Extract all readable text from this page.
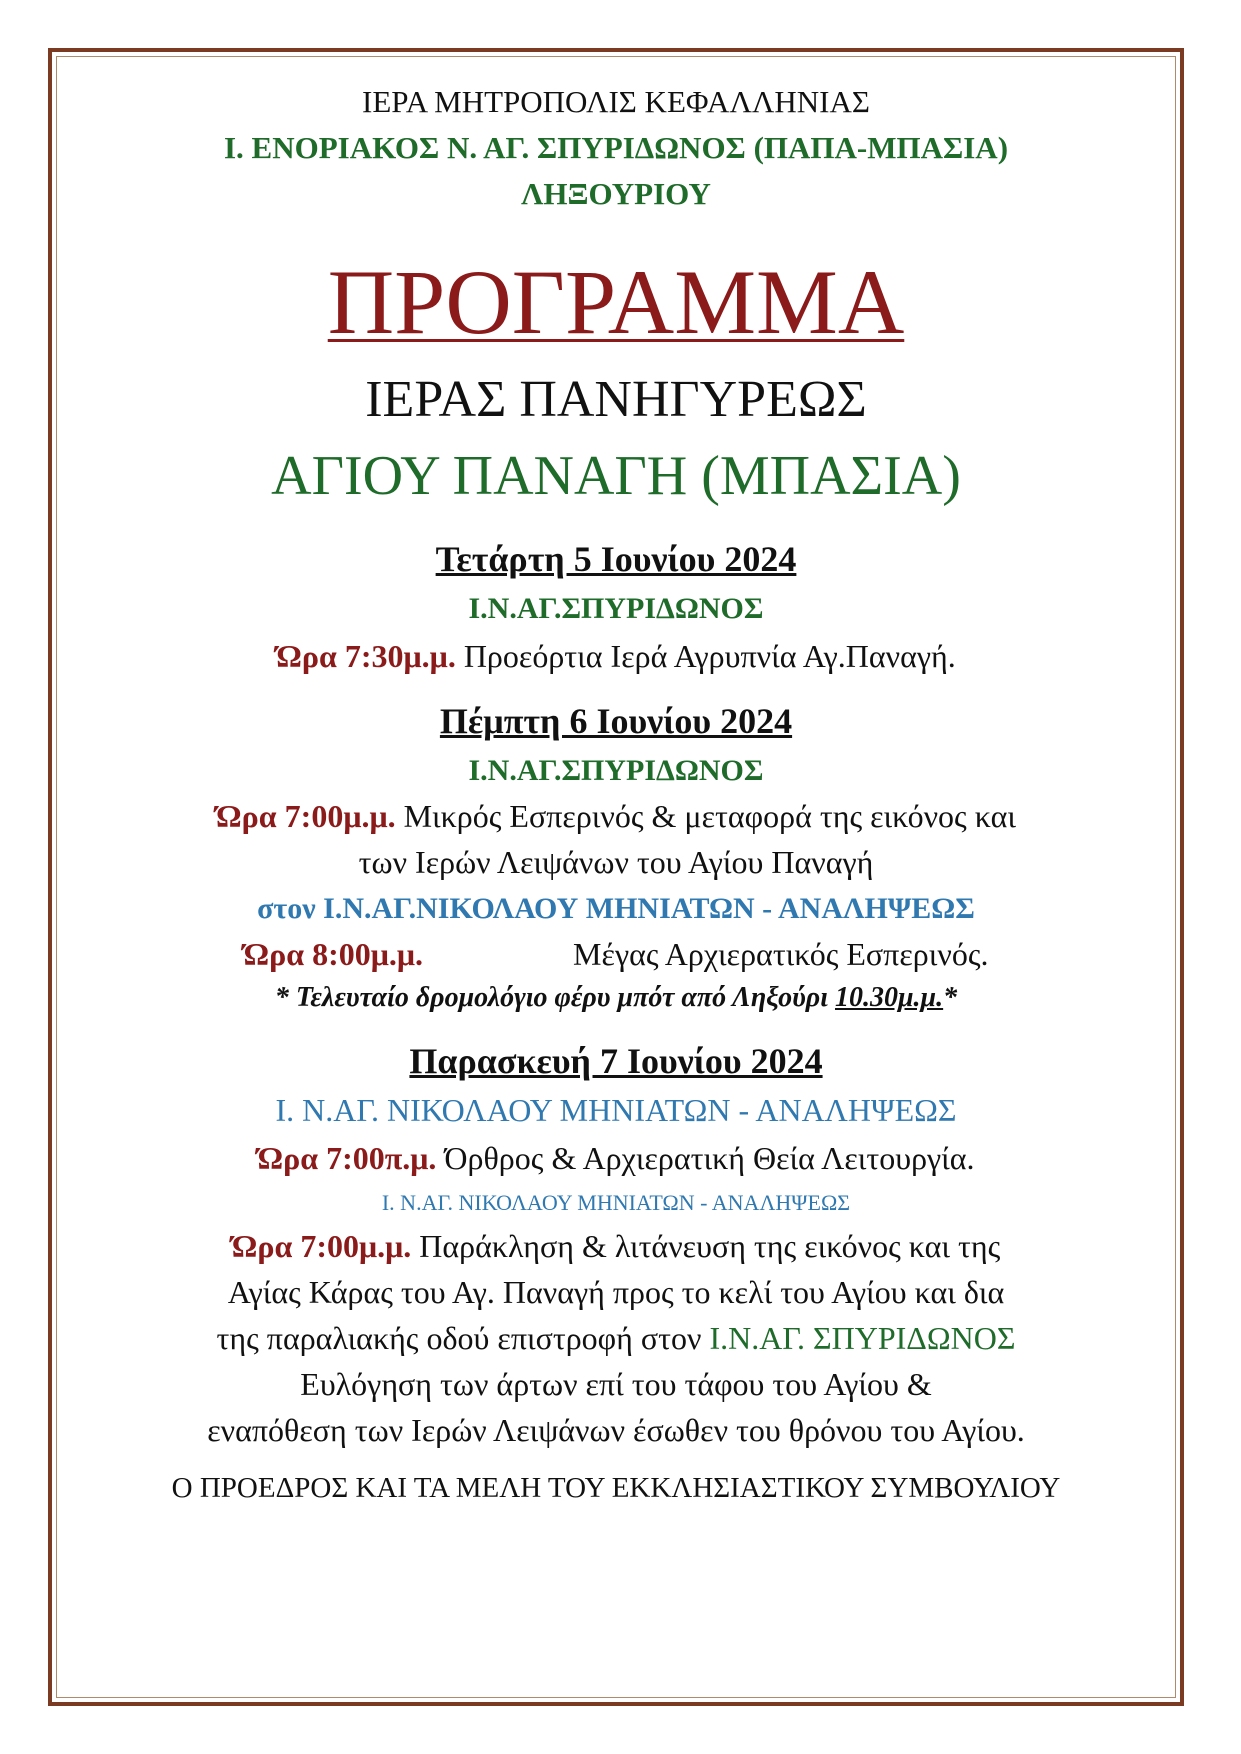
ΙΕΡΑ ΜΗΤΡΟΠΟΛΙΣ ΚΕΦΑΛΛΗΝΙΑΣ
Ι. ΕΝΟΡΙΑΚΟΣ Ν. ΑΓ. ΣΠΥΡΙΔΩΝΟΣ (ΠΑΠΑ-ΜΠΑΣΙΑ)
ΛΗΞΟΥΡΙΟΥ
ΠΡΟΓΡΑΜΜΑ
ΙΕΡΑΣ ΠΑΝΗΓΥΡΕΩΣ
ΑΓΙΟΥ ΠΑΝΑΓΗ (ΜΠΑΣΙΑ)
Τετάρτη 5 Ιουνίου 2024
Ι.Ν.ΑΓ.ΣΠΥΡΙΔΩΝΟΣ
Ώρα 7:30μ.μ. Προεόρτια Ιερά Αγρυπνία Αγ.Παναγή.
Πέμπτη 6 Ιουνίου 2024
Ι.Ν.ΑΓ.ΣΠΥΡΙΔΩΝΟΣ
Ώρα 7:00μ.μ. Μικρός Εσπερινός & μεταφορά της εικόνος και
των Ιερών Λειψάνων του Αγίου Παναγή
στον Ι.Ν.ΑΓ.ΝΙΚΟΛΑΟΥ ΜΗΝΙΑΤΩΝ - ΑΝΑΛΗΨΕΩΣ
Ώρα 8:00μ.μ.	Μέγας Αρχιερατικός Εσπερινός.
* Τελευταίο δρομολόγιο φέρυ μπότ από Ληξούρι 10.30μ.μ.*
Παρασκευή 7 Ιουνίου 2024
Ι. Ν.ΑΓ. ΝΙΚΟΛΑΟΥ ΜΗΝΙΑΤΩΝ - ΑΝΑΛΗΨΕΩΣ
Ώρα 7:00π.μ. Όρθρος & Αρχιερατική Θεία Λειτουργία.
Ι. Ν.ΑΓ. ΝΙΚΟΛΑΟΥ ΜΗΝΙΑΤΩΝ - ΑΝΑΛΗΨΕΩΣ
Ώρα 7:00μ.μ. Παράκληση & λιτάνευση της εικόνος και της
Αγίας Κάρας του Αγ. Παναγή προς το κελί του Αγίου και δια
της παραλιακής οδού επιστροφή στον Ι.Ν.ΑΓ. ΣΠΥΡΙΔΩΝΟΣ
Ευλόγηση των άρτων επί του τάφου του Αγίου &
εναπόθεση των Ιερών Λειψάνων έσωθεν του θρόνου του Αγίου.
Ο ΠΡΟΕΔΡΟΣ ΚΑΙ ΤΑ ΜΕΛΗ ΤΟΥ ΕΚΚΛΗΣΙΑΣΤΙΚΟΥ ΣΥΜΒΟΥΛΙΟΥ
